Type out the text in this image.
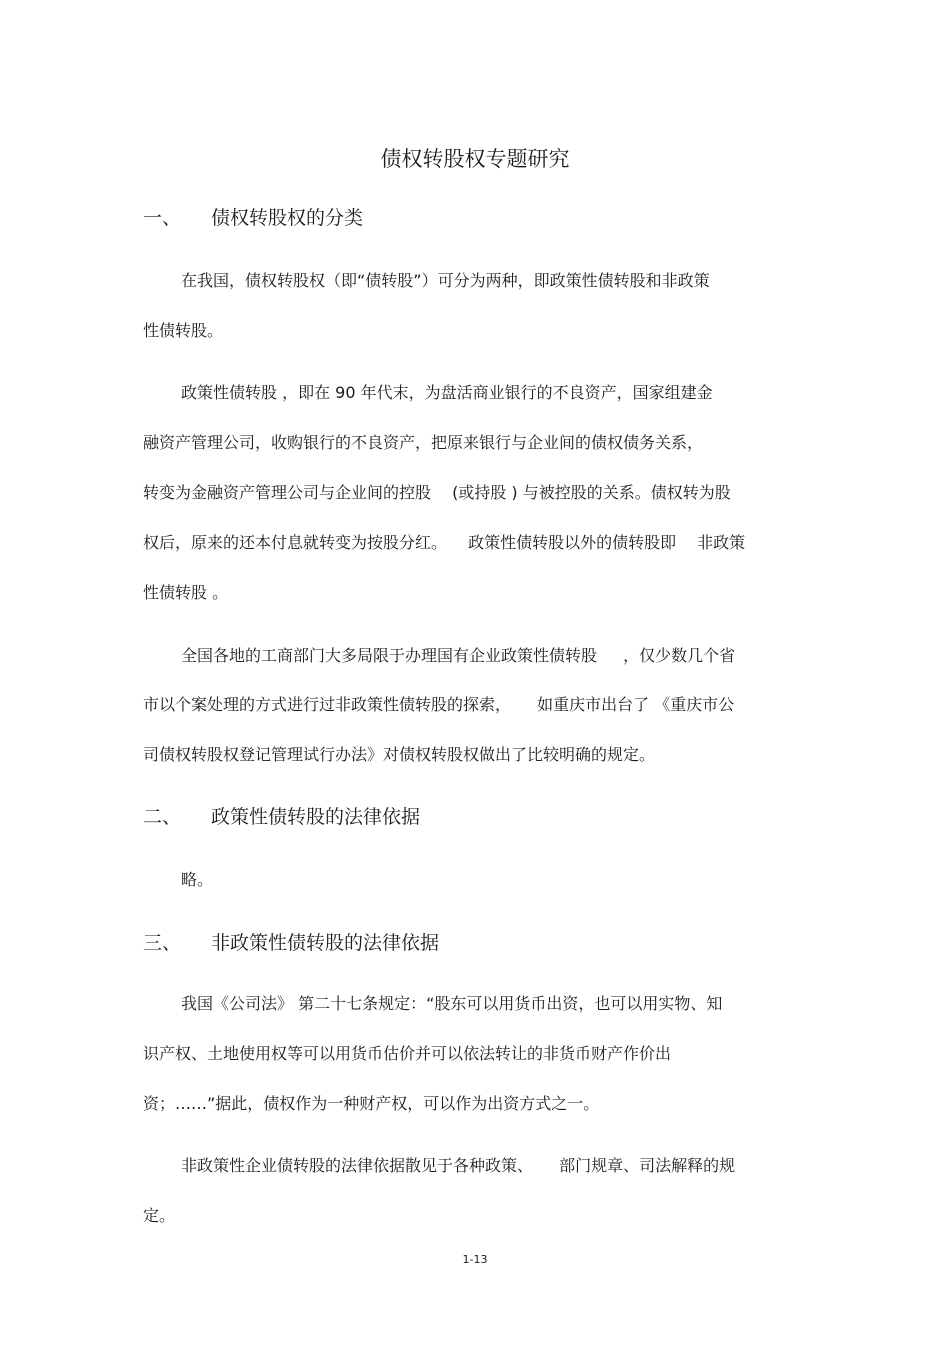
债权转股权专题研究
一、 债权转股权的分类

在我国，债权转股权（即“债转股”）可分为两种，即政策性债转股和非政策

性债转股。

政策性债转股 ，即在 90 年代末，为盘活商业银行的不良资产，国家组建金

融资产管理公司，收购银行的不良资产，把原来银行与企业间的债权债务关系，

转变为金融资产管理公司与企业间的控股 　(或持股 ) 与被控股的关系。债权转为股

权后，原来的还本付息就转变为按股分红。 　政策性债转股以外的债转股即 　非政策

性债转股 。

全国各地的工商部门大多局限于办理国有企业政策性债转股 　 ，仅少数几个省

市以个案处理的方式进行过非政策性债转股的探索， 　 如重庆市出台了 《重庆市公

司债权转股权登记管理试行办法》对债权转股权做出了比较明确的规定。

二、 政策性债转股的法律依据

略。

三、 非政策性债转股的法律依据

我国《公司法》 第二十七条规定：“股东可以用货币出资，也可以用实物、知

识产权、土地使用权等可以用货币估价并可以依法转让的非货币财产作价出

资；……”据此，债权作为一种财产权，可以作为出资方式之一。

非政策性企业债转股的法律依据散见于各种政策、 　 部门规章、司法解释的规

定。

1-13
